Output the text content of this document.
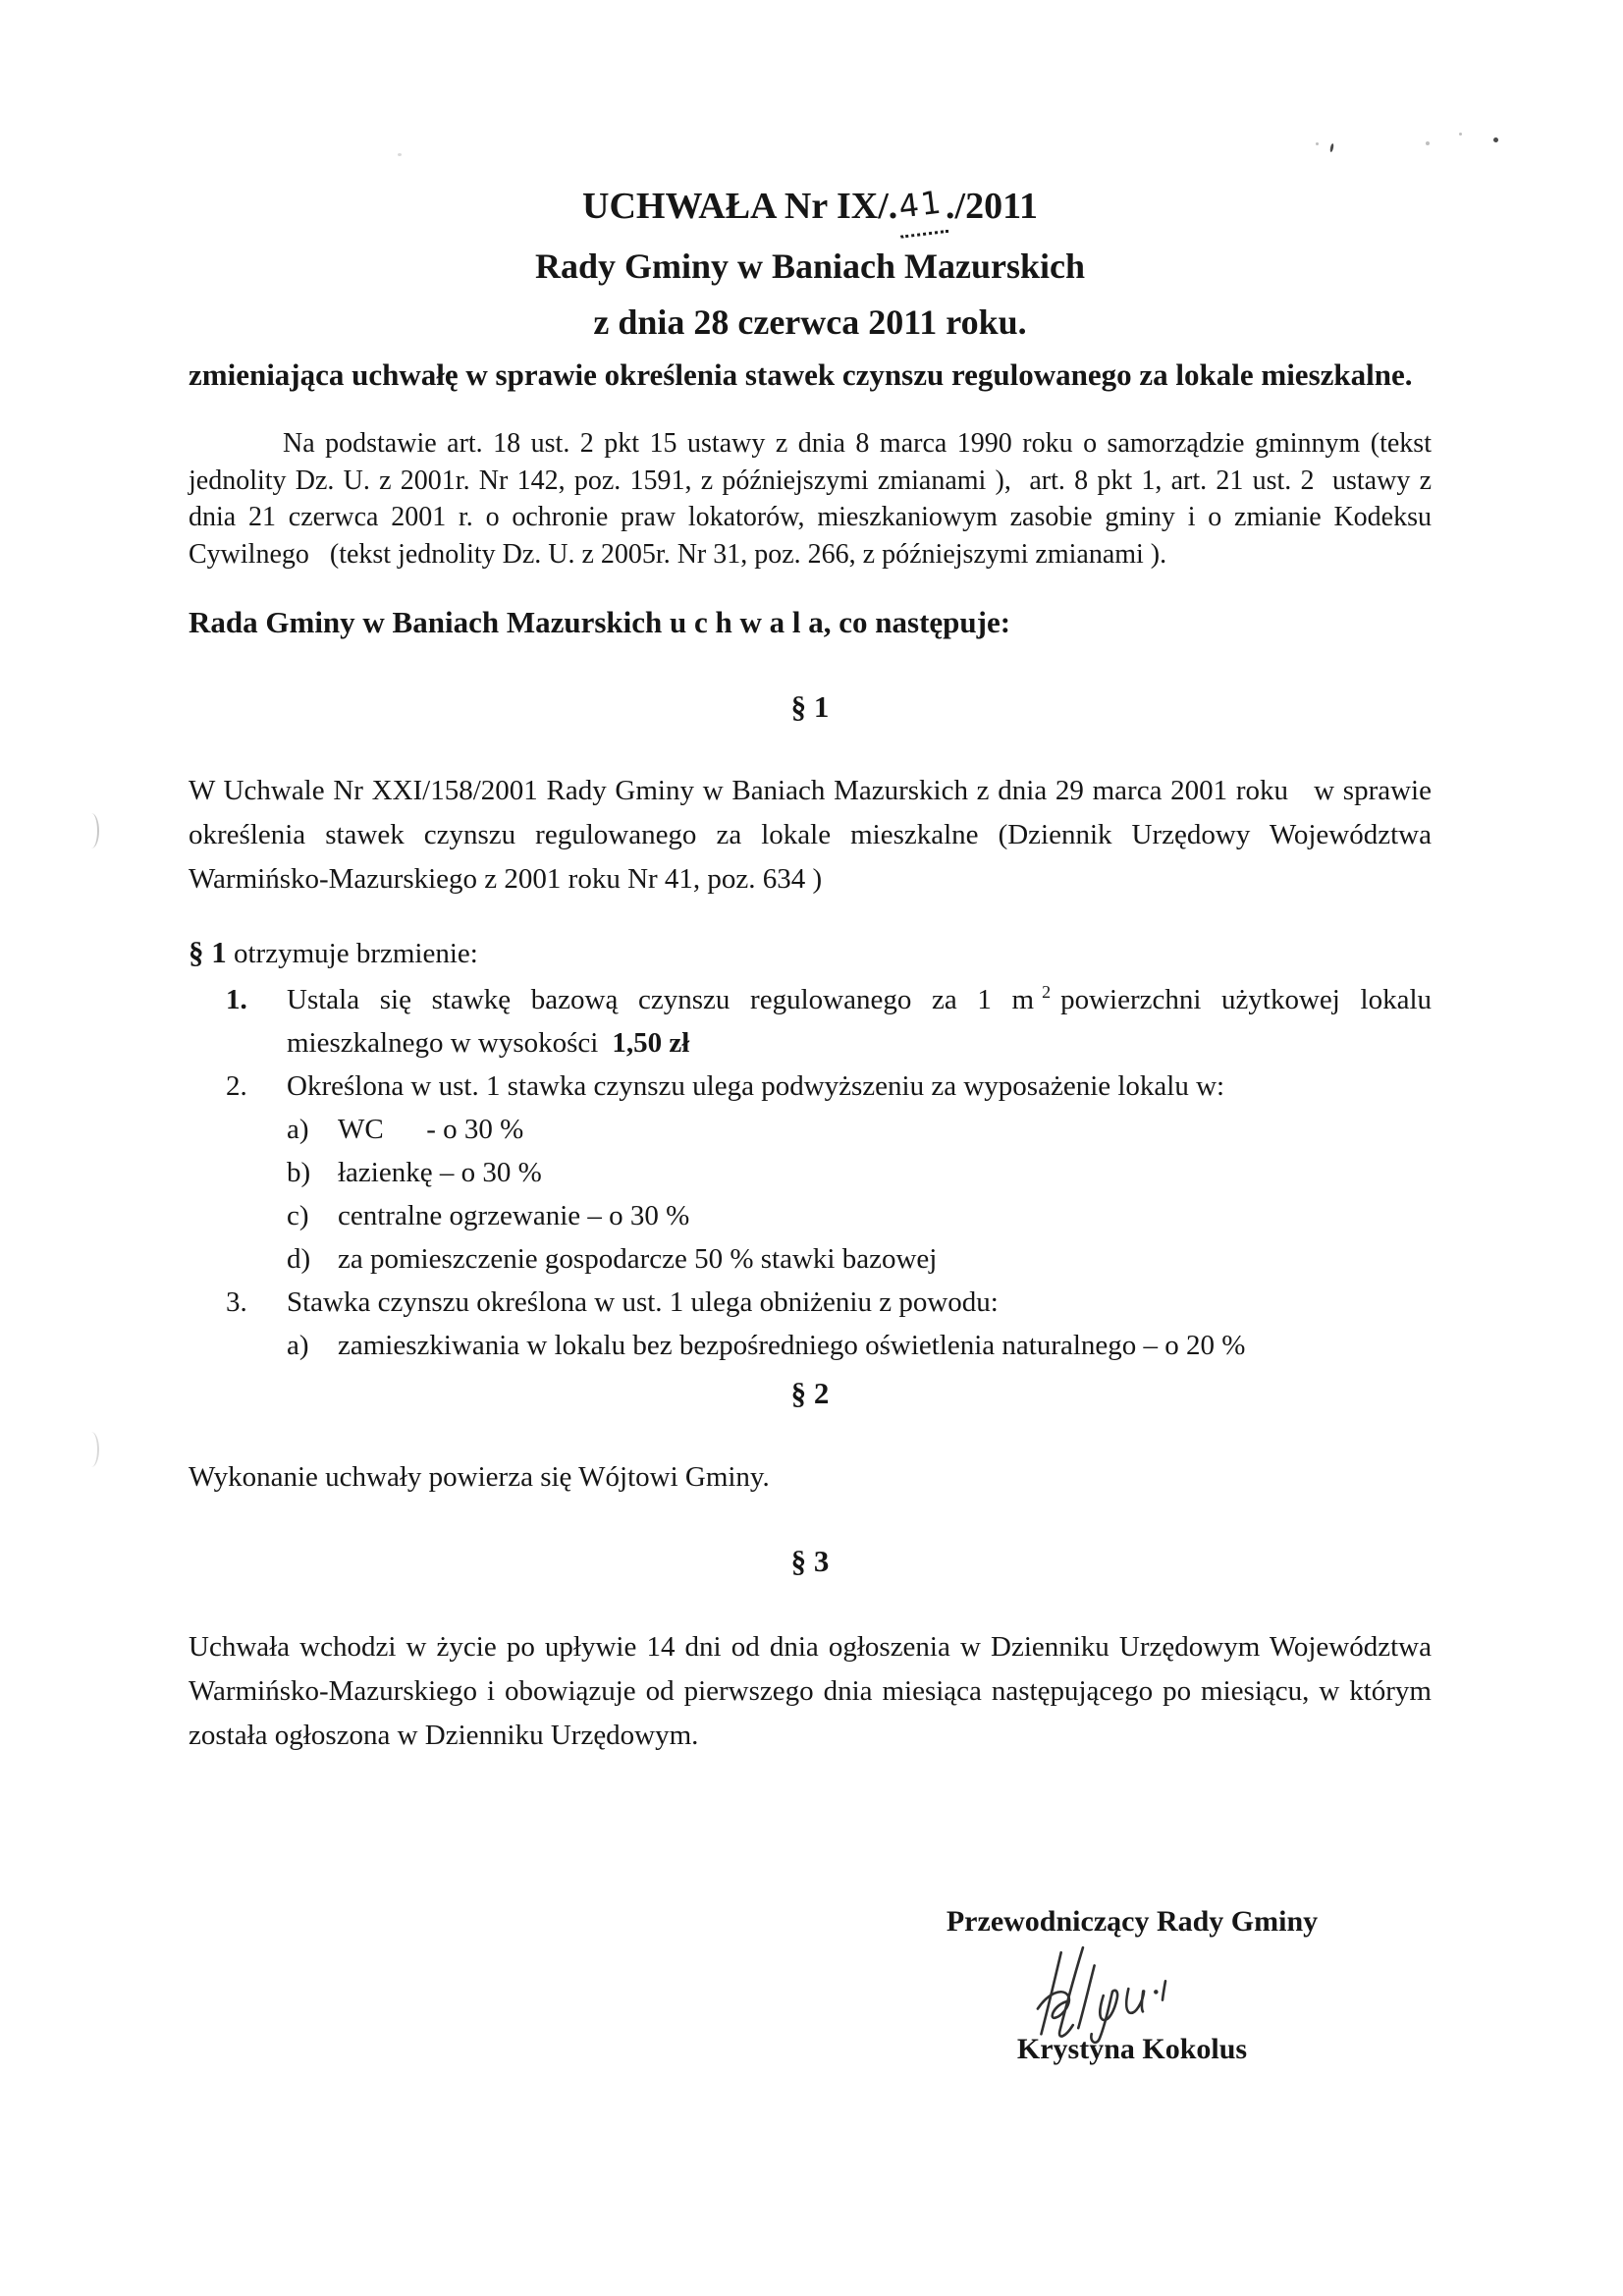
UCHWAŁA Nr IX/.41./2011
Rady Gminy w Baniach Mazurskich
z dnia 28 czerwca 2011 roku.
zmieniająca uchwałę w sprawie określenia stawek czynszu regulowanego za lokale mieszkalne.

Na podstawie art. 18 ust. 2 pkt 15 ustawy z dnia 8 marca 1990 roku o samorządzie gminnym (tekst jednolity Dz. U. z 2001r. Nr 142, poz. 1591, z późniejszymi zmianami ),  art. 8 pkt 1, art. 21 ust. 2  ustawy z dnia 21 czerwca 2001 r. o ochronie praw lokatorów, mieszkaniowym zasobie gminy i o zmianie Kodeksu Cywilnego   (tekst jednolity Dz. U. z 2005r. Nr 31, poz. 266, z późniejszymi zmianami ).

Rada Gminy w Baniach Mazurskich u c h w a l a, co następuje:
§ 1

W Uchwale Nr XXI/158/2001 Rady Gminy w Baniach Mazurskich z dnia 29 marca 2001 roku   w sprawie określenia stawek czynszu regulowanego za lokale mieszkalne (Dziennik Urzędowy Województwa Warmińsko-Mazurskiego z 2001 roku Nr 41, poz. 634 )

§ 1 otrzymuje brzmienie:
1.	Ustala się stawkę bazową czynszu regulowanego za 1 m $^2$ powierzchni użytkowej lokalu mieszkalnego w wysokości 1,50 zł
2.	Określona w ust. 1 stawka czynszu ulega podwyższeniu za wyposażenie lokalu w:
a)	WC      - o 30 %
b) łazienkę – o 30 %
c)	centralne ogrzewanie – o 30 %
d) za pomieszczenie gospodarcze 50 % stawki bazowej
3.	Stawka czynszu określona w ust. 1 ulega obniżeniu z powodu:
a)	zamieszkiwania w lokalu bez bezpośredniego oświetlenia naturalnego – o 20 %
§ 2

Wykonanie uchwały powierza się Wójtowi Gminy.

§ 3

Uchwała wchodzi w życie po upływie 14 dni od dnia ogłoszenia w Dzienniku Urzędowym Województwa Warmińsko-Mazurskiego i obowiązuje od pierwszego dnia miesiąca następującego po miesiącu, w którym została ogłoszona w Dzienniku Urzędowym.

Przewodniczący Rady Gminy
Krystyna Kokolus
